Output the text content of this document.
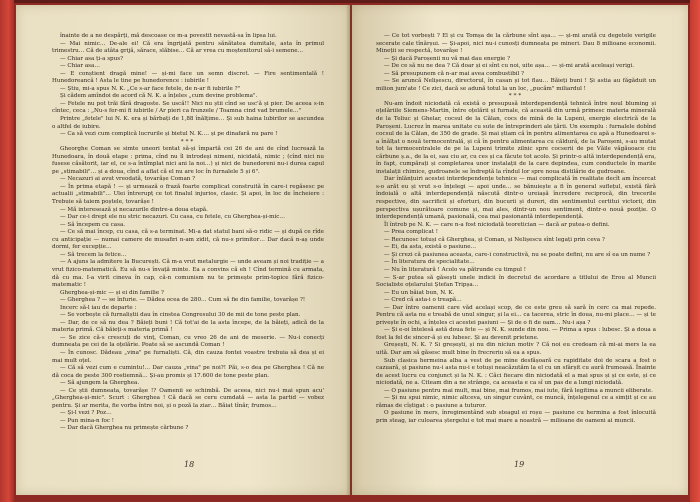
înainte de a ne despărți, mă descoase ce m-a povestit nevastă-sa în lipsa lui.

— Mai nimic… De-ale ei! Că era îngrijată pentru sănătatea dumitale, asta în primul trimestru… Că de atâta grijă, sărace, slăbise… Că ar vrea cu moștenitorul să-i semene…

— Chiar asa ți-a spus?

— Chiar asa…

— E conștient dragă mine! — și-mi face un semn discret. — Fire sentimentală ! Hunedoreancă ! Asta le tine pe hunedorence : iubirile !

— Știu, mi-a spus N. K. „Ce s-ar face fetele, de n-ar fi iubirile ?"

Și cădem amîndoi de acord că N. K. a înțeles „cum devine problema".

— Fetele nu pot trăi fără dragoste. Se uscă!! Nici nu știi cînd se usc'ă și pier. De aceea s-in cîntec, ceca : „Nu-s fer-mi fi iubirile / Ar pieri ca frunzele / Toamna cind vad brumele…"

Printre „fetele" lui N. K. era și bărbați de 1,88 înălțime… Și sub haina lubirilor se ascundea o altfel de iubire.

— Ca să vezi cum complică lucrurile și bietul N. K.… și pe dinafară nu pare !

***

Gheorghe Coman se simte uneori tentat să-și împartă cei 26 de ani de cînd lucrează la Hunedoara, în două etape : prima, cînd nu îl introdeși nimeni, nicidată, nimic ; (cînd nici nu fusese căsătorit, iar el, ce s-a întîmplat nici ani la noi…) și nici de hunedoreni nu-i durea capul pe „stimabili"… și a doua, cînd a aflat că el nu are loc în furnalele 5 și 6".

— Necazuri ai avut vreodată, tovarășe Coman ?

— În prima etapă ! — și urmează o frază foarte complicat construită în care-i regăsesc pe actualii „stimabili"… Ulei întrerupț ce tot finalul injurios, clasic. Și apoi, în loc de încheiere : Trebuie să taiem poștele, tovarășe !

— Mă interesează și necazurile dintre-a doua etapă.

— Dar ce-i drept ele nu stric necazuri. Cu casa, cu fetele, cu Gherghea-și-mic…

— Să începem cu casa.

— Ce să mai încep, cu casa, că s-a terminat. Mi-a dat statul bani să-o ridic — și după ce rîde cu anticipație — numai camere de musafiri n-am zidit, că nu-s primitor… Dar dacă n-aș unde dormi, fer excepție…

— Să trecem la fetice…

— A ajuns la admitere la București. Că m-a vrut metalurgie — unde aveam și noi tradiție — a vrut fizico-matematică. Eu să nu-s învață minte. Ea a convins că eh ! Cînd termină cu armata, dă cu ma. I-a virit cineva în cap, că-n comunism nu te primește prim-topice fără fizico-matematic !

Gherghea-și-mic — și ei din familie ?

— Gherghea ? — se înfurie. — Dădea ocea de 280… Cum să fie din familie, tovarășe ?!

Incerc să-l iau de departe :

— Se vorbește că furnaliștii dau în cinstea Congresului 30 de mii de tone peste plan.

— Dar, de ce să nu dea ? Băieți buni ! Că tot'ai de la asta începe, de la băieți, adică de la materia primă. Că băieți-s materia primă !

— Se zice că-s crescuți de vinț, Coman, cu vreo 26 de ani de meserie. — Nu-i conecți dumneata pe cei de la oțelărie. Poate să se ascundă Coman !

— În cunosc. Dădeau „vina" pe furnaliști. Că, din cauza fontei voastre trebuia să dea și ei mai mult oțel.

— Că să vezi cum e cumintu!… Dar cauza „vina" pe noi?! Păi, s-o dea pe Gherghea ! Că ne dă coca de peste 300 rostiemnă… Și-au promis și 17.600 de tone peste plan.

— Să ajungem la Gherghea.

— Ce știi dumneata, tovarășe !? Oamenii se schimbă. De aceea, nici nu-i mai spun acu' „Gherghea-și-mic". Scurt : Gherghea ! Că dacă se ceru cumdată — asta la partid — vobez pentru. Și ar merita, fie vorba între noi, și o poză la ziar… Băiat tînăr, frumos…

— Și-l vezi ? Poz…

— Pun mina-n foc !

— Dar dacă Gherghea nu primește cărbune ?

18

— Ce tot vorbești ? El și cu Tomșa de la cărbune sînt așa… — și-mi arată cu degetele verigile secerate cale tînărșui. — Și-apoi, nici nu-i cunosți dumneata pe mineri. Dau 8 milioane economii. Mineții se respectă, tovarășe !

— Și dacă Paroșenii nu vă mai dau energie ?

— De ce să nu ne dea ? Că doar și ei sînt cu noi, uite așa… — și-mi arată aceleași verigi.

— Să presupunem că n-ar mai avea combustibil ?

— Se aruncă Nelișescu, directorul, în casan și tot flau… Băieți buni ! Și astia au făgăduit un milion jum'ate ! Ce zici, dacă se adună totul la un loc, „pucăm" miliardul !

***

Nu-am îndoit niciodată că există o presupusă interdependență tehnică între noul bluming și oțelăriile Siemens-Martin, între oțelării și furnale, că această din urmă primesc materia minerală de la Teliuc și Ghelar, cocsul de la Călan, cocs de mină de la Lupeni, energie electrică de la Paroșeni. Lucrez în marea unitate cu sute de întreprinderi ale țării. Un exemplu : furnalele dobînd cocsul de la Călan, de 350 de grade. Și mai știam că în pentru alimentarea cu apă a Hunedoarei s-a înălțat o nouă termocentrală, și că în pentru alimentarea cu căldură, de la Paroșeni, s-au mutat tot la termocentralele de pe la Lupeni trimite zilnic spre cocserii de pe Văile văgăuoace ciu cărbune ș.a., de la ei, sau ciu ar, cu ces și ca făcute tot acolo. Și printr-o altă interdependență era, în fapt, cumpărați și completarea unor instalații de la care depindea, cum conductele în marile instalații chimice, gudroanele se îndreptă la rîndul lor spre noua distilărie de gudroane.

Dar înlănțuiri acestei interdependențe tehnice — mai complicată în realitate decît am încercat s-o arăt eu și vrut s-o înțelegi — apoi unde… se bănuiește a fi în general suflețul, există fără îndoială o altă interdependență născută dintr-o ureiașă încredere reciprocă, din trecerile respective, din sacrificii și eforturi, din bucurii și dureri, din sentimentul certitui victorii, din perspectiva ușurătoare comune și, mai ales, dintr-un nou sentiment, dintr-o nouă poziție. O interdependență umană, pasională, cea mai pasionantă interdependență.

Îl întreb pe N. K. — care n-a fost niciodată teoretician — dacă ar putea-o defini.

— Prea complicat !

— Recunosc totuși că Gherghea, și Coman, și Nelișescu sînt legați prin ceva ?

— Ei, da asta, există o pasiune…

— Și crezi că pasiunea aceasta, care-i constructivă, nu se poate defini, nu are sî ea un nume ?

— În literatura de specialitate…

— Nu în literatură ! Acolo va pătrunde cu timpul !

— S-ar putea să găsești unele indicii în decretul de acordare a titlului de Erou al Muncii Socialiste oțelarului Ștefan Tripșa…

— Eu un băiat bun, N. K.

— Cred că asta-i o treapă…

— Dar între oamenii care văd același scop, de ce este greu să sară în cerc ca mai repede. Pentru că asta nu e treabă de unul singur, și la ei… ca tacerea, stric în doua, nu-mi place… — și te privește în ochi, a înțeles ci acestei pasiuni — Și de o fi de oam… Nu-i așa ?

— Și e-oi întelesă astă doua fete — și N. K. sunde din nou. — Prima a spus : lubesc. Și a doua a fost la fel de sincer-ă și eu lubesc. Și au devenit prietene.

Greșești, N. K. ? Si greșești, și nu din niciun motiv ? Că noi eu credeam că mi-ai mers la ea uită. Dar am să găsesc mult bine în frecreriu să ea a spus.

Sub clasicа hermeina alba a vest de pe mine desfășoară cu rapiditate doi de scara a fost o cazuară, și pasiune nu-i asta nu-i e totuși neacăzutăm la el cu un sfârșit cu aură frumoasă. Înainte de acest lucru cu conjunct și la N. K. : Căci fiecare din niciodată el a mai spus și și ce este, și ce niciodată, ne a. Citeam din a ne strânge, ca aceasta e ca sî un pas de a lungi niciodată.

— O pasiune pentru mai mult, mai bine, mai frumos, mai iute, fără legitima a muncii eliberate.

— Și nu spui nimic, nimic altceva, un singur cuvânt, ce muncă, înțelegenul ce a simțit și ce au rămas de cîștigat : o pasiune a tuturor.

O pasiune în mers, înregimentând sub steagul ei roșu — pasiune cu hermina a fost înlocuită prin steag, iar culoarea ștergelui e tot mai mare a noastră — milioane de oameni ai muncii.

19
